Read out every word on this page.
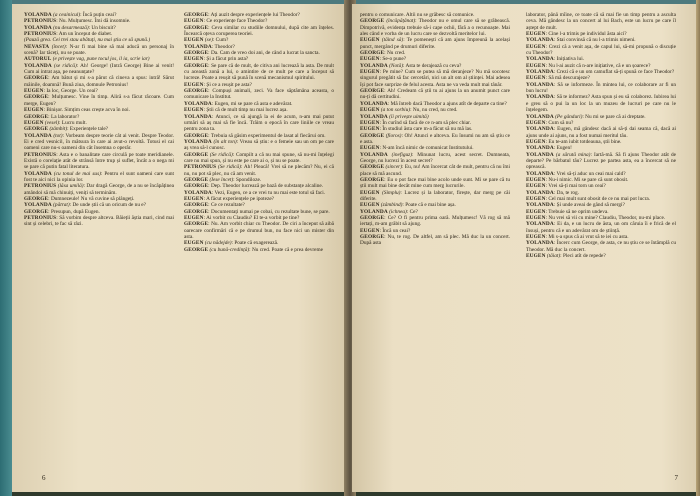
YOLANDA (a ceainicul): Încă puțin ceai?

PETRONIUS: Nu. Mulțumesc. Îmi dă insomnie.

YOLANDA (nu desarmează): Un biscuit?

PETRONIUS: Am un început de diabet.

(Pauză grea. Cei trei stau abătuți, nu mai știu ce să spună.)

NEVASTA (încet): N-ar fi mai bine să mai aducă un personaj în scenă? Iar tăceți, nu se poate.

AUTORUL (e privește vag, pune tocul jos, il ia, scrie iar)

YOLANDA (se ridică): Ah! George! (Intră George) Bine ai venit! Cum ai intrat așa, pe neanunțate?

GEORGE: Am bătut și mi s-a părut că cineva a spus: intră! Sărut mâinile, doamnă! Bună ziua, domnule Petronius!

EUGEN: Ia loc, George. Un ceai?

GEORGE: Mulțumesc. Vine în timp. Aliră s-a făcut răcoare. Cum merge, Eugen?

EUGEN: Binișor. Simțim ceas crește acva în noi.

GEORGE: La laborator?

EUGEN (vesel): Lucru mult.

GEORGE (zâmbit): Experiențele tale?

YOLANDA (tot): Vorbeam despre teorie cât ai venit. Despre Teodor. Ei e cred vesnicil, în mătsura în care ai avut-o revoltă. Totusi el cai oameni care nu-s oameni din cât însemna o operăr.

PETRONIUS: Asta e o banalitate care circulă pe toate meridianele. Există o corelație atât de strânsă între trup și suflet, încât a o nega mi se pare că putin fatal literatura.

YOLANDA (cu tonul de mai sus): Pentru el sunt oameni care sunt fost te aici nici la opinia lor.

PETRONIUS (lăsa umilă): Dar dragă George, de a nu se încăpăținea amândoi să mă chinuiți, veniți să terminăm.

GEORGE: Dumnezeule! Nu vă cuvine să plângeți.

YOLANDA (pătrat): De unde știi că un oricum de nu e?

GEORGE: Presupun, după Eugen.

PETRONIUS: Să vorbim despre altceva. Băieții ăștia mari, cind mai sint și celebri, te fac să râzi.

GEORGE: Ați auzit despre experiențele lui Theodor?

EUGEN: Ce experiențe face Theodor?

GEORGE: Ceva similar cu studiile domnului, după cite am înțeles. Încearcă oțeva coruperea teoriei.

EUGEN (se): Cum?

YOLANDA: Theodor?

GEORGE: Da. Cam de vreo doi ani, de când a lucrat la sancta.

EUGEN: Și a făcut prin asta?

GEORGE: Se pare că de mult, de citiva ani lucrează la asta. De mult cu această zonă a lui, o amintire de ce mult pe care a început să lucreze. Poate a reușit să pună în scenă mecanismul spiritului.

EUGEN: Și ce a reușit pe asta?

GEORGE: Compuși animali, zeci. Va face săptămâna aceasta, o comunicare la Institut.

YOLANDA: Eugen, mi se pare că asta e adevărat.

EUGEN: Știi că de mult timp nu mai lucrez așa.

YOLANDA: Atunci, ce să ajungă la ei de acum, n-am mai putut urmări să aș mai să fie încă. Trăim o epocă în care liniile ce vreau pentru zona ta.

GEORGE: Trebuia să găsim experimentul de lasat al fiecărui om.

YOLANDA (în alt ton): Vreau să știu: e o femeie sau un om pe care aș vrea să-l cunosc.

GEORGE (Se ridică): Compilt a că nu mai spune, să nu-mi înțelegi care nu mai spun, și nu este pe care ai o, și nu se poate.

PETRONIUS (Se ridică): Ah! Pleacă! Vrei să ne plecăm? Nu, ei că nu, nu pot să plec, nu că am venit.

GEORGE (Iese încet): Spondilozе.

GEORGE: Dep. Theodor lucrează pe bază de substanțe alcaline.

YOLANDA: Vezi, Eugen, ce a ce vrei tu nu mai este totul să faci.

EUGEN: A făcut experiențele pe ipoteze?

GEORGE: Ce ce rezultate?

GEORGE: Documentați numai pe cobai, cu rezultate bune, se pare.

EUGEN: Ai vorbit cu Claudiu? El te-a vorbit pe tine?

GEORGE: Nu. Am vorbit chiar cu Theodor. De ciri a început să aibă oarecare confirmări că e pe drumul bun, nu face nici un mister din asta.

EUGEN (cu nădejde): Poate că exagerează.

GEORGE (cu bună-credință): Nu cred. Poate că e prea devreme

6

pentru o comunicare. Altii nu se grăbesc să comunice.

GEORGE (încăpățânat): Theodor nu e omul care să se grăbească. Dimpotrivă, evidența trebuie să-i cape ochii, fără a o recunoaște. Mai ales când e vorba de un lucru care se dezvoltă meritelor lui.

EUGEN (tăind să): Te pomenești că am ajuns împreună la același punct, mergând pe drumuri diferite.

GEORGE: Nu cred.

EUGEN: Se-o pune?

YOLANDA (Notă): Asta te derajează cu ceva?

EUGEN: Pe mine? Cum se putea să mă deranjeze? Nu mă socotesc singurul pregătit să fac cercetări, nici un alt om al științei. Mai adesea își pot face surprize de felul acesta. Asta ne va veda mult mai tânăr.

GEORGE: Ah! Credeam că știi tu ai ajuns la un anumit punct care nu-ți dă certitudini.

YOLANDA: Mă întreb dacă Theodor a ajuns atît de departe ca tine?

EUGEN (a ton sorbiu): Nu, nu cred, nu cred.

YOLANDA (îi privește uimită)

EUGEN: În curînd să facă de ce n-am să plec chiar.

EUGEN: În studiul ăsta care m-a făcut să nu mă las.

GEORGE (fioros): Oh! Atunci e altceva. Eu însumi nu am să știu ce e asta.

EUGEN: N-am încă nimic de comunicat Institutului.

YOLANDA (inefiguz): Minunat lucru, acest secret. Dumneata, George, nu lucrezi în acest secret?

GEORGE (sincer): Eu, nu! Am încercat cât de mult, pentru că nu îmi place să mă ascund.

GEORGE: Eu o pot face mai bine acolo unde sunt. Mi se pare că tu știi mult mai bine decât mine cum merg lucrurile.

EUGEN (Simplu): Lucrez și la laborator, firește, dar merg pe căi diferite.

EUGEN (zâmbind): Poate că e mai bine așa.

YOLANDA (ichnea): Ce?

GEORGE: Ce? O fi pentru prima oară. Mulțumesc! Vă rog să mă iertați, m-am grăbit să ajung.

EUGEN: Încă un ceai?

GEORGE: Nu, te rog. De altfel, am să plec. Mă duc la un concert. După asta

laborator, pânâ mîine, ce toate că să mai fie un timp pentru a asculta ceva. Mă gândesc la un concert al lui Bach, este un lucru pe care îl aștept de mult.

EUGEN: Cine l-a trimis pe individul ăsta aici?

YOLANDA: Stai convinsă că nu l-a trimis nimeni.

EUGEN: Crezi că a venit așa, de capul lui, să-mi propună o discuție cu Theodor?

YOLANDA: Inițiativa lui.

EUGEN: Nu l-ai auzit că n-are inițiative, că e un șoarece?

YOLANDA: Crezi că e un om camuflat să-ți spună ce face Theodor?

EUGEN: Să mă descurajeze?

YOLANDA: Să se informeze. În mintea lui, ce colaborare ar fi un bun lucru!

YOLANDA: Să te informez? Asta spun și eu să colaborez. Iubirea lui e greu să o pui la un loc la un muzeu de lucruri pe care nu le înțelegem.

YOLANDA (Pe gânduri): Nu mi se pare că ai dreptate.

EUGEN: Cum să nu?

YOLANDA: Eugen, mă gândesc dacă ai să-ți dai seama că, dacă ai ajuns unde ai ajuns, nu a fost numai meritul tău.

EUGEN: Eu te-am iubit totdeauna, știi bine.

YOLANDA: Eugen!

YOLANDA (a sărută mina): Iartă-mă. Să fi ajuns Theodor atât de departe? Pe bărbatul tău? Lucrez pe partea asta, ea a încercat să ne oprească.

YOLANDA: Vrei să-ți aduc un ceai mai cald?

EUGEN: Nu-i nimic. Mi se pare că sunt obosit.

EUGEN: Vrei să-ți mai torn un ceai?

YOLANDA: Da, te rog.

EUGEN: Cel mai mult sunt obosit de ce nu mai pot lucra.

YOLANDA: Și unde aveai de gând să mergi?

EUGEN: Trebuie să ne oprim undeva.

EUGEN: Nu vrei să vii cu mine? Claudiu, Theodor, nu-mi place.

YOLANDA: Ei da, e un lucru de ăsta, un om căruia îi e frică de el însuși, pentru că e un adevărat om de știință.

EUGEN: Mi s-a spus că ai vrut să te iei cu asta.

YOLANDA: Încerc cum George, de asta, ce nu știu ce se întâmplă cu Theodor. Mă duc la concert.

EUGEN (tăiat): Pleci atît de repede?

7
